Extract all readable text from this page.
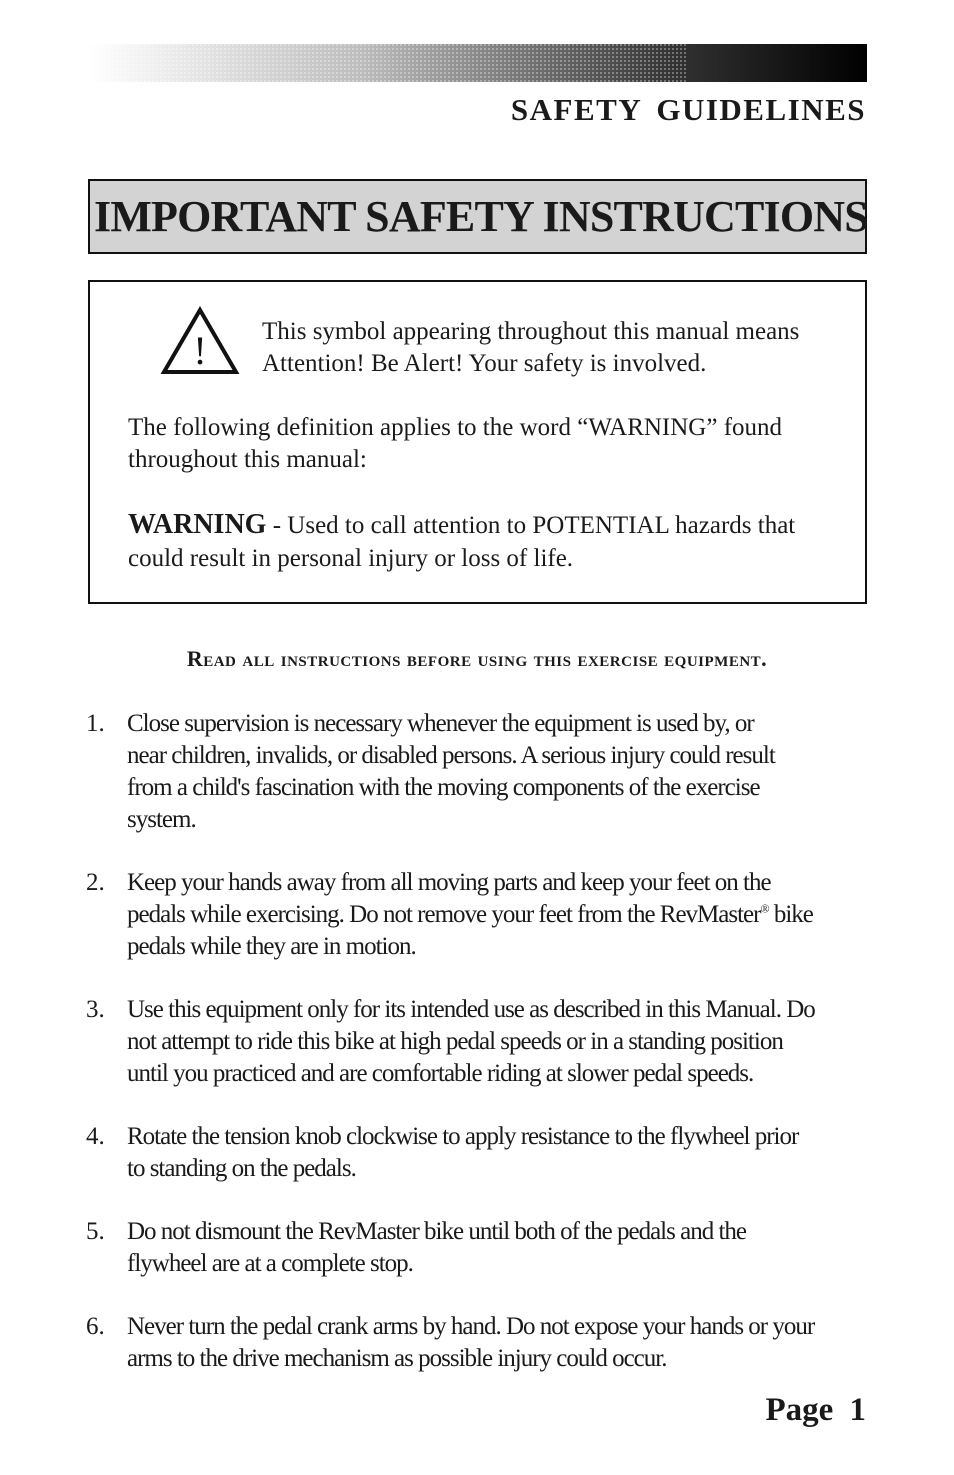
SAFETY GUIDELINES
IMPORTANT SAFETY INSTRUCTIONS
! This symbol appearing throughout this manual means
Attention! Be Alert! Your safety is involved.
The following definition applies to the word “WARNING” found
throughout this manual:
WARNING - Used to call attention to POTENTIAL hazards that
could result in personal injury or loss of life.
Read all instructions before using this exercise equipment.
1. Close supervision is necessary whenever the equipment is used by, or
near children, invalids, or disabled persons. A serious injury could result
from a child's fascination with the moving components of the exercise
system.
2. Keep your hands away from all moving parts and keep your feet on the
pedals while exercising. Do not remove your feet from the RevMaster® bike
pedals while they are in motion.
3. Use this equipment only for its intended use as described in this Manual. Do
not attempt to ride this bike at high pedal speeds or in a standing position
until you practiced and are comfortable riding at slower pedal speeds.
4. Rotate the tension knob clockwise to apply resistance to the flywheel prior
to standing on the pedals.
5. Do not dismount the RevMaster bike until both of the pedals and the
flywheel are at a complete stop.
6. Never turn the pedal crank arms by hand. Do not expose your hands or your
arms to the drive mechanism as possible injury could occur.
Page 1
